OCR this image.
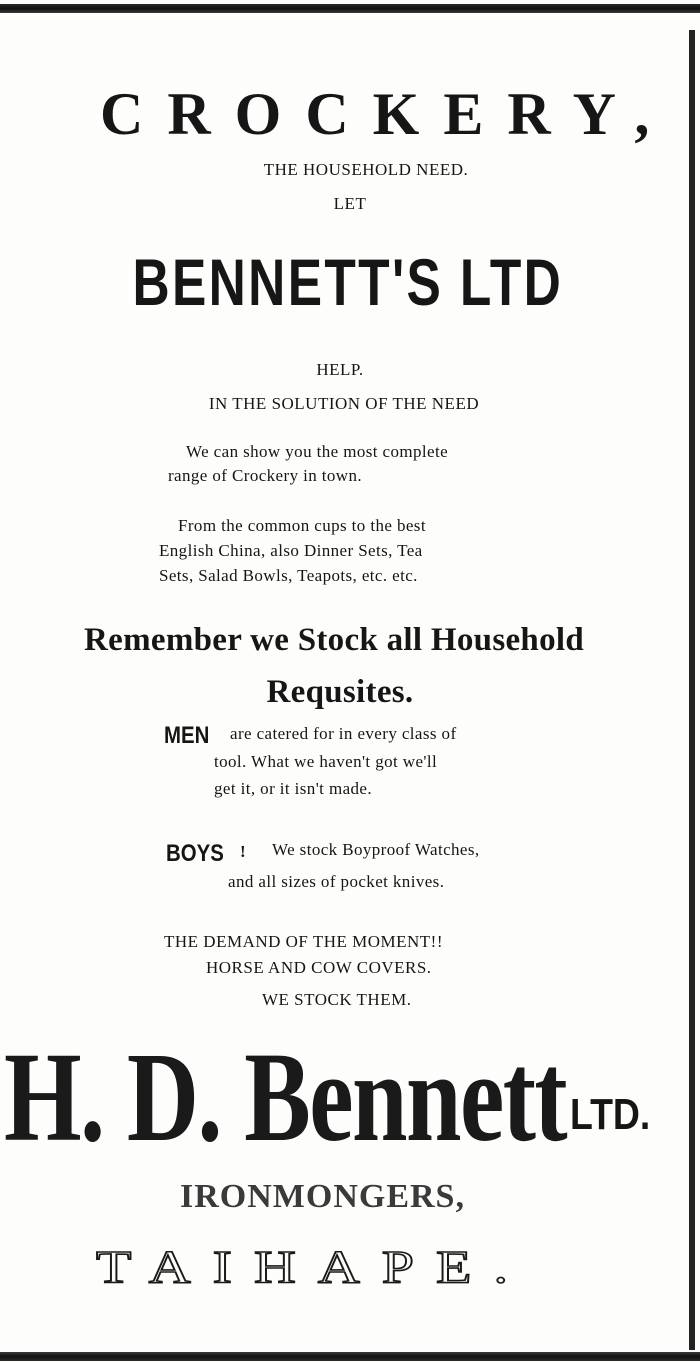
CROCKERY,
THE HOUSEHOLD NEED.
LET
BENNETT'S LTD
HELP.
IN THE SOLUTION OF THE NEED
We can show you the most complete
range of Crockery in town.
From the common cups to the best
English China, also Dinner Sets, Tea
Sets, Salad Bowls, Teapots, etc. etc.
Remember we Stock all Household
Requsites.
MEN	are catered for in every class of
tool. What we haven't got we'll
get it, or it isn't made.
BOYS ! We stock Boyproof Watches,
and all sizes of pocket knives.
THE DEMAND OF THE MOMENT!!
HORSE AND COW COVERS.
WE STOCK THEM.
H. D. Bennett LTD.
IRONMONGERS,
TAIHAPE.
